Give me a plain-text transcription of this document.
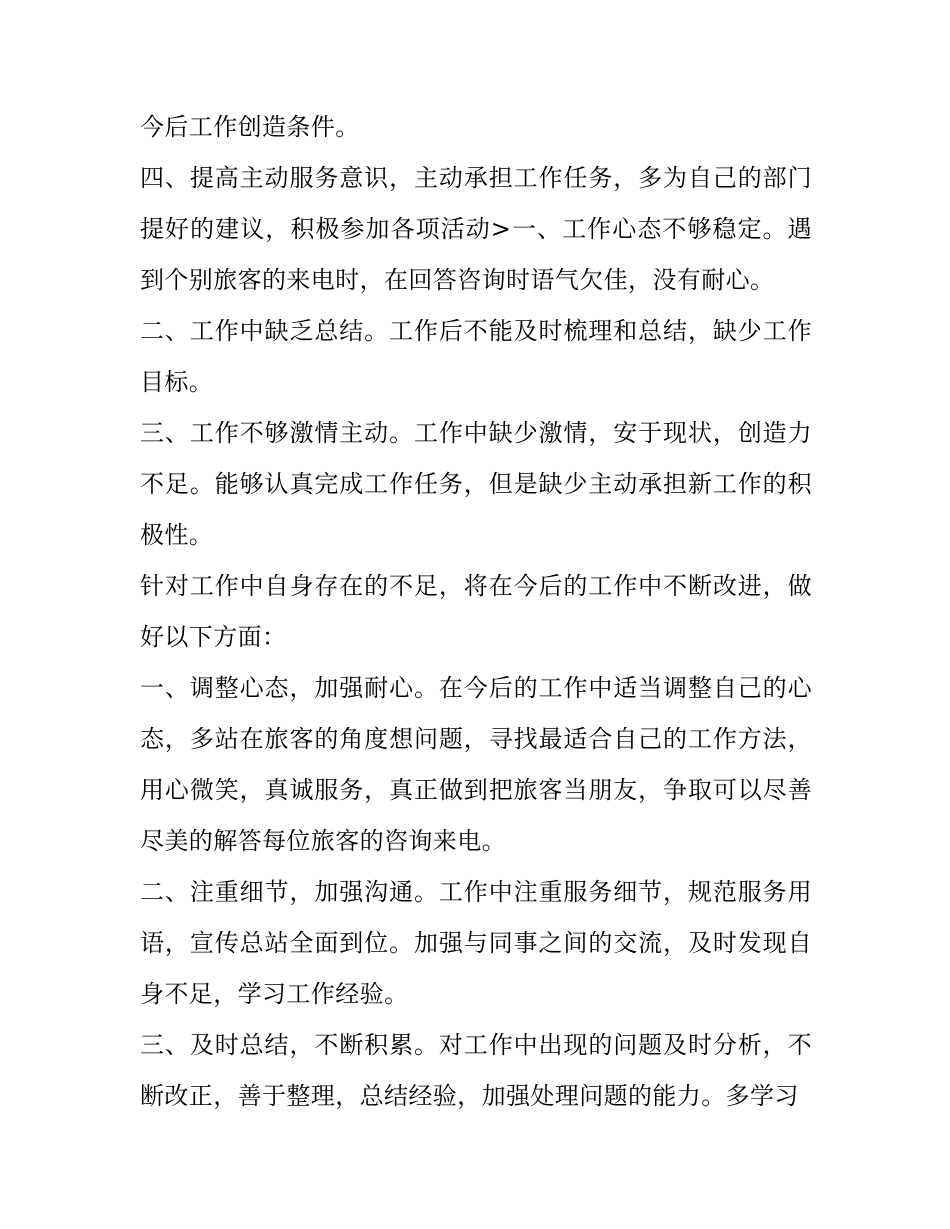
今后工作创造条件。

四、提高主动服务意识，主动承担工作任务，多为自己的部门提好的建议，积极参加各项活动>一、工作心态不够稳定。遇到个别旅客的来电时，在回答咨询时语气欠佳，没有耐心。

二、工作中缺乏总结。工作后不能及时梳理和总结，缺少工作目标。

三、工作不够激情主动。工作中缺少激情，安于现状，创造力不足。能够认真完成工作任务，但是缺少主动承担新工作的积极性。

针对工作中自身存在的不足，将在今后的工作中不断改进，做好以下方面：

一、调整心态，加强耐心。在今后的工作中适当调整自己的心态，多站在旅客的角度想问题，寻找最适合自己的工作方法，用心微笑，真诚服务，真正做到把旅客当朋友，争取可以尽善尽美的解答每位旅客的咨询来电。

二、注重细节，加强沟通。工作中注重服务细节，规范服务用语，宣传总站全面到位。加强与同事之间的交流，及时发现自身不足，学习工作经验。

三、及时总结，不断积累。对工作中出现的问题及时分析，不断改正，善于整理，总结经验，加强处理问题的能力。多学习
